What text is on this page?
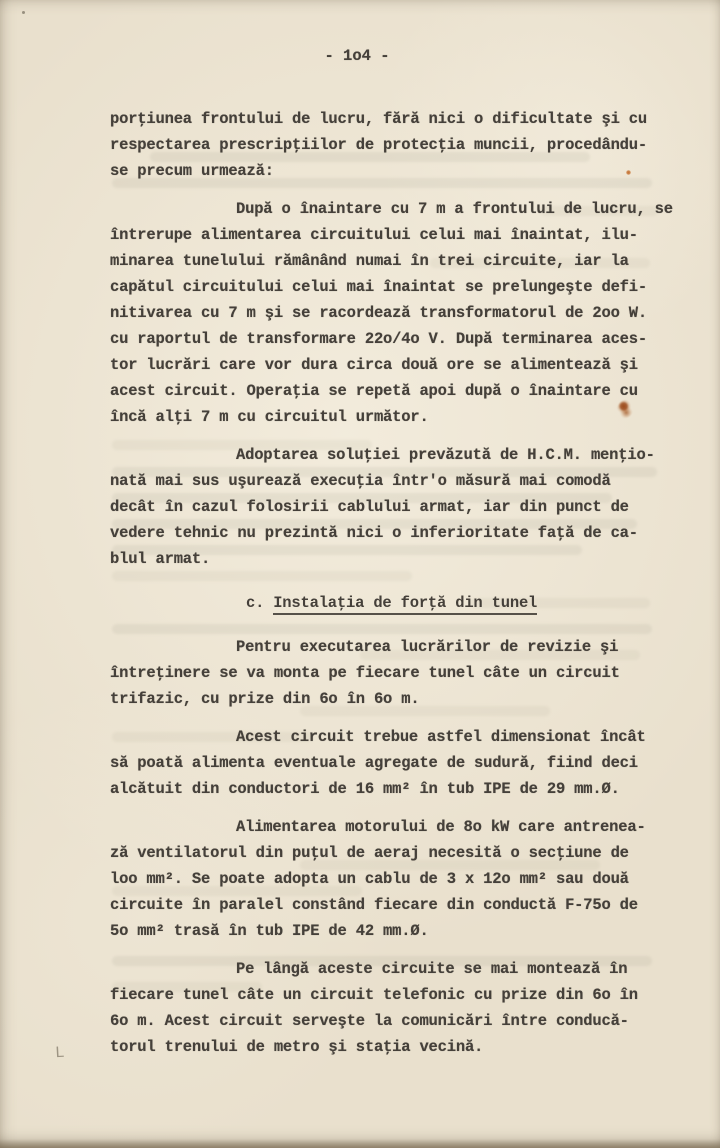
- 1o4 -
porţiunea frontului de lucru, fără nici o dificultate şi cu
respectarea prescripţiilor de protecţia muncii, procedându-
se precum urmează:
După o înaintare cu 7 m a frontului de lucru, se
întrerupe alimentarea circuitului celui mai înaintat, ilu-
minarea tunelului rămânând numai în trei circuite, iar la
capătul circuitului celui mai înaintat se prelungeşte defi-
nitivarea cu 7 m şi se racordează transformatorul de 2oo W.
cu raportul de transformare 22o/4o V. După terminarea aces-
tor lucrări care vor dura circa două ore se alimentează şi
acest circuit. Operaţia se repetă apoi după o înaintare cu
încă alţi 7 m cu circuitul următor.
Adoptarea soluţiei prevăzută de H.C.M. menţio-
nată mai sus uşurează execuţia într'o măsură mai comodă
decât în cazul folosirii cablului armat, iar din punct de
vedere tehnic nu prezintă nici o inferioritate faţă de ca-
blul armat.
c. Instalaţia de forţă din tunel
Pentru executarea lucrărilor de revizie şi
întreţinere se va monta pe fiecare tunel câte un circuit
trifazic, cu prize din 6o în 6o m.
Acest circuit trebue astfel dimensionat încât
să poată alimenta eventuale agregate de sudură, fiind deci
alcătuit din conductori de 16 mm² în tub IPE de 29 mm.Ø.
Alimentarea motorului de 8o kW care antrenea-
ză ventilatorul din puţul de aeraj necesită o secţiune de
loo mm². Se poate adopta un cablu de 3 x 12o mm² sau două
circuite în paralel constând fiecare din conductă F-75o de
5o mm² trasă în tub IPE de 42 mm.Ø.
Pe lângă aceste circuite se mai montează în
fiecare tunel câte un circuit telefonic cu prize din 6o în
6o m. Acest circuit serveşte la comunicări între conducă-
torul trenului de metro şi staţia vecină.
L
